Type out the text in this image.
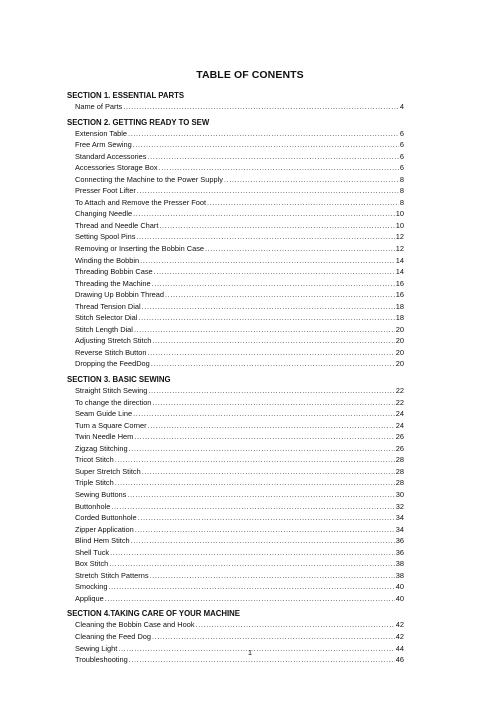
TABLE OF CONENTS
SECTION 1. ESSENTIAL PARTS
Name of Parts .....	4
SECTION 2. GETTING READY TO SEW
Extension Table .....	6
Free Arm Sewing .....	6
Standard Accessories .....	6
Accessories Storage Box .....	6
Connecting the Machine to the Power Supply .....	8
Presser Foot Lifter .....	8
To Attach and Remove the Presser Foot .....	8
Changing Needle .....	10
Thread and Needle Chart .....	10
Setting Spool Pins .....	12
Removing or Inserting the Bobbin Case .....	12
Winding the Bobbin .....	14
Threading Bobbin Case .....	14
Threading the Machine .....	16
Drawing Up Bobbin Thread .....	16
Thread Tension Dial .....	18
Stitch Selector Dial .....	18
Stitch Length Dial .....	20
Adjusting Stretch Stitch .....	20
Reverse Stitch Button .....	20
Dropping the FeedDog .....	20
SECTION 3. BASIC SEWING
Straight Stitch Sewing .....	22
To change the direction .....	22
Seam Guide Line .....	24
Turn a Square Corner .....	24
Twin Needle Hem .....	26
Zigzag Stitching .....	26
Tricot Stitch .....	28
Super Stretch Stitch .....	28
Triple Stitch .....	28
Sewing Buttons .....	30
Buttonhole .....	32
Corded Buttonhole .....	34
Zipper Application .....	34
Blind Hem Stitch .....	36
Shell Tuck .....	36
Box Stitch .....	38
Stretch Stitch Patterns .....	38
Smocking .....	40
Applique .....	40
SECTION 4.TAKING CARE OF YOUR MACHINE
Cleaning the Bobbin Case and Hook .....	42
Cleaning the Feed Dog .....	42
Sewing Light .....	44
Troubleshooting .....	46
1
